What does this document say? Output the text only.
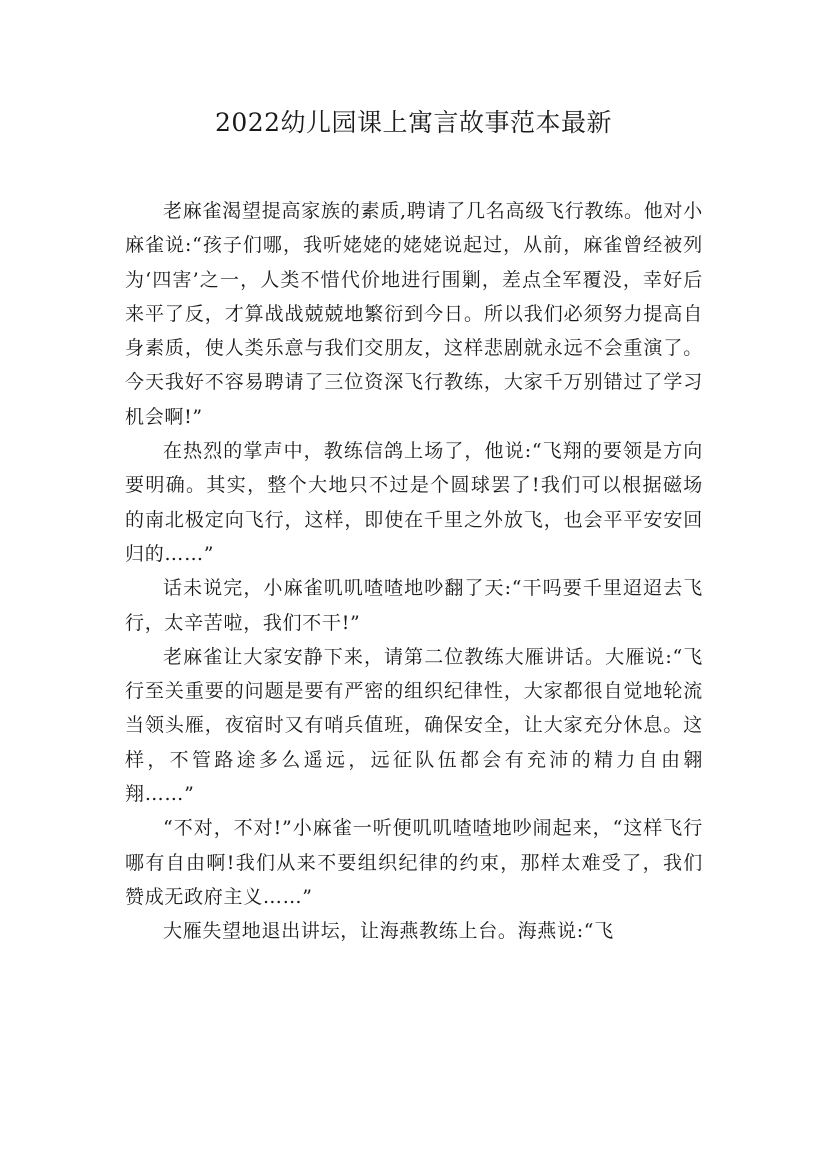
2022幼儿园课上寓言故事范本最新

老麻雀渴望提高家族的素质,聘请了几名高级飞行教练。他对小麻雀说:“孩子们哪，我听姥姥的姥姥说起过，从前，麻雀曾经被列为‘四害’之一，人类不惜代价地进行围剿，差点全军覆没，幸好后来平了反，才算战战兢兢地繁衍到今日。所以我们必须努力提高自身素质，使人类乐意与我们交朋友，这样悲剧就永远不会重演了。今天我好不容易聘请了三位资深飞行教练，大家千万别错过了学习机会啊!”

在热烈的掌声中，教练信鸽上场了，他说:“飞翔的要领是方向要明确。其实，整个大地只不过是个圆球罢了!我们可以根据磁场的南北极定向飞行，这样，即使在千里之外放飞，也会平平安安回归的……”

话未说完，小麻雀叽叽喳喳地吵翻了天:“干吗要千里迢迢去飞行，太辛苦啦，我们不干!”

老麻雀让大家安静下来，请第二位教练大雁讲话。大雁说:“飞行至关重要的问题是要有严密的组织纪律性，大家都很自觉地轮流当领头雁，夜宿时又有哨兵值班，确保安全，让大家充分休息。这样，不管路途多么遥远，远征队伍都会有充沛的精力自由翱翔……”

“不对，不对!”小麻雀一听便叽叽喳喳地吵闹起来，“这样飞行哪有自由啊!我们从来不要组织纪律的约束，那样太难受了，我们赞成无政府主义……”

大雁失望地退出讲坛，让海燕教练上台。海燕说:“飞
